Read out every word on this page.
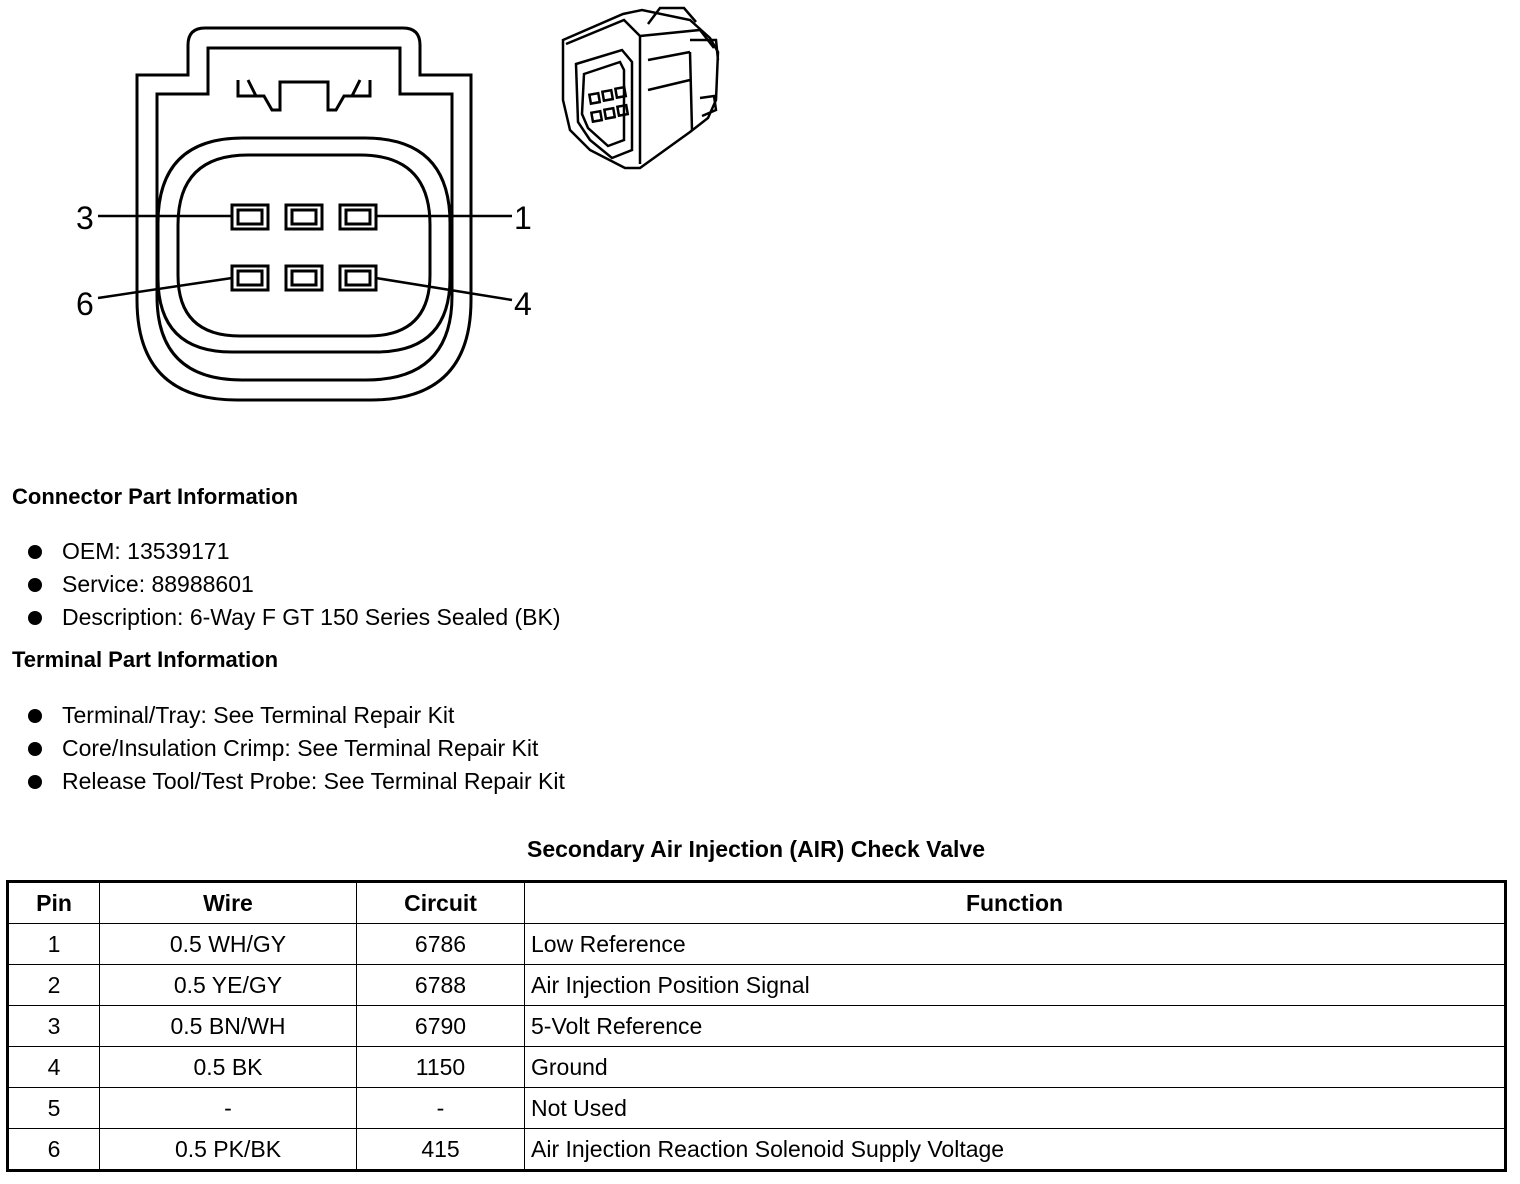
3	1
6	4
Connector Part Information
OEM: 13539171
Service: 88988601
Description: 6-Way F GT 150 Series Sealed (BK)
Terminal Part Information
Terminal/Tray: See Terminal Repair Kit
Core/Insulation Crimp: See Terminal Repair Kit
Release Tool/Test Probe: See Terminal Repair Kit
Secondary Air Injection (AIR) Check Valve
Pin	Wire	Circuit	Function
1	0.5 WH/GY	6786	Low Reference
2	0.5 YE/GY	6788	Air Injection Position Signal
3	0.5 BN/WH	6790	5-Volt Reference
4	0.5 BK	1150	Ground
5	-	-	Not Used
6	0.5 PK/BK	415	Air Injection Reaction Solenoid Supply Voltage
